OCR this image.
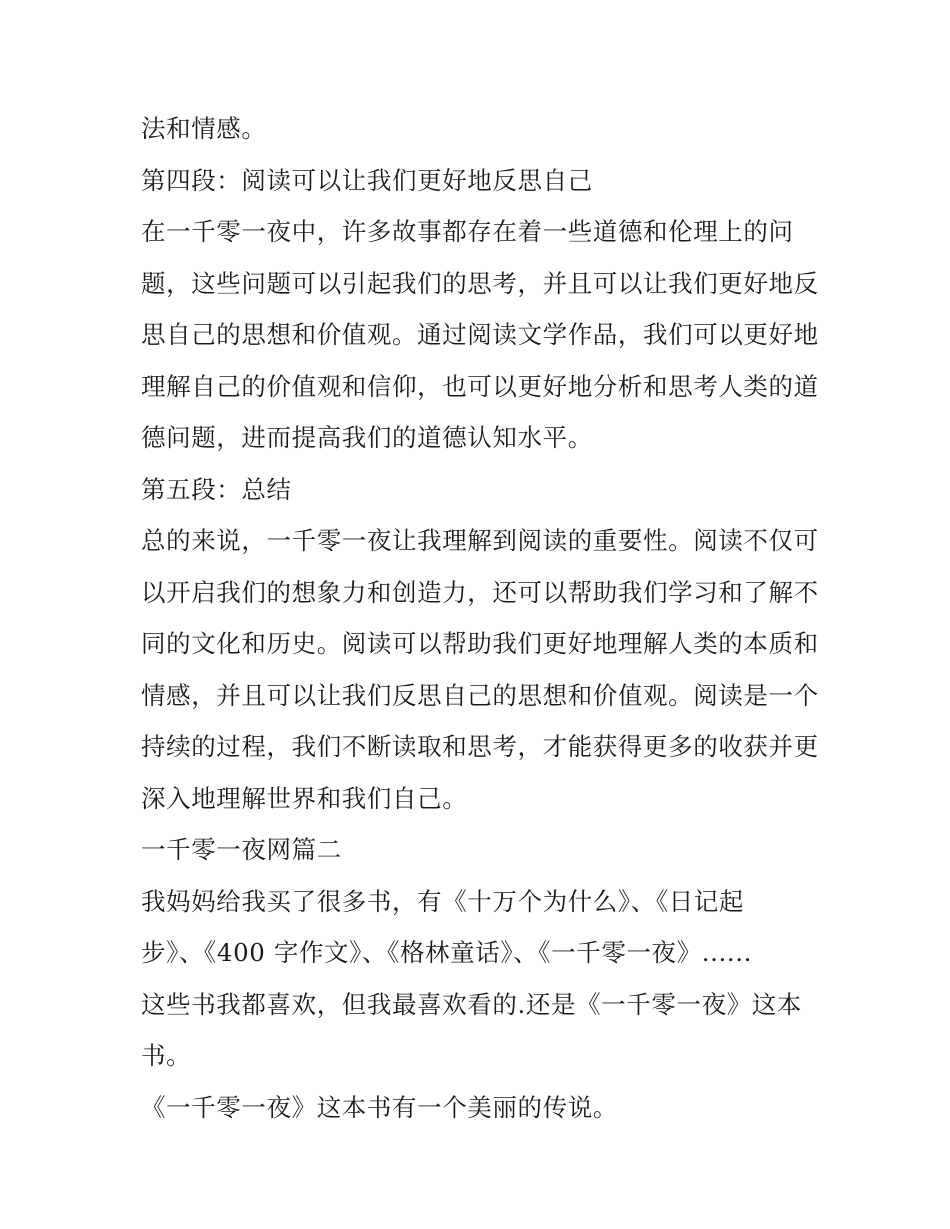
法和情感。
第四段：阅读可以让我们更好地反思自己
在一千零一夜中，许多故事都存在着一些道德和伦理上的问
题，这些问题可以引起我们的思考，并且可以让我们更好地反
思自己的思想和价值观。通过阅读文学作品，我们可以更好地
理解自己的价值观和信仰，也可以更好地分析和思考人类的道
德问题，进而提高我们的道德认知水平。
第五段：总结
总的来说，一千零一夜让我理解到阅读的重要性。阅读不仅可
以开启我们的想象力和创造力，还可以帮助我们学习和了解不
同的文化和历史。阅读可以帮助我们更好地理解人类的本质和
情感，并且可以让我们反思自己的思想和价值观。阅读是一个
持续的过程，我们不断读取和思考，才能获得更多的收获并更
深入地理解世界和我们自己。
一千零一夜网篇二
我妈妈给我买了很多书，有《十万个为什么》、《日记起
步》、《400 字作文》、《格林童话》、《一千零一夜》......
这些书我都喜欢，但我最喜欢看的.还是《一千零一夜》这本
书。
《一千零一夜》这本书有一个美丽的传说。
